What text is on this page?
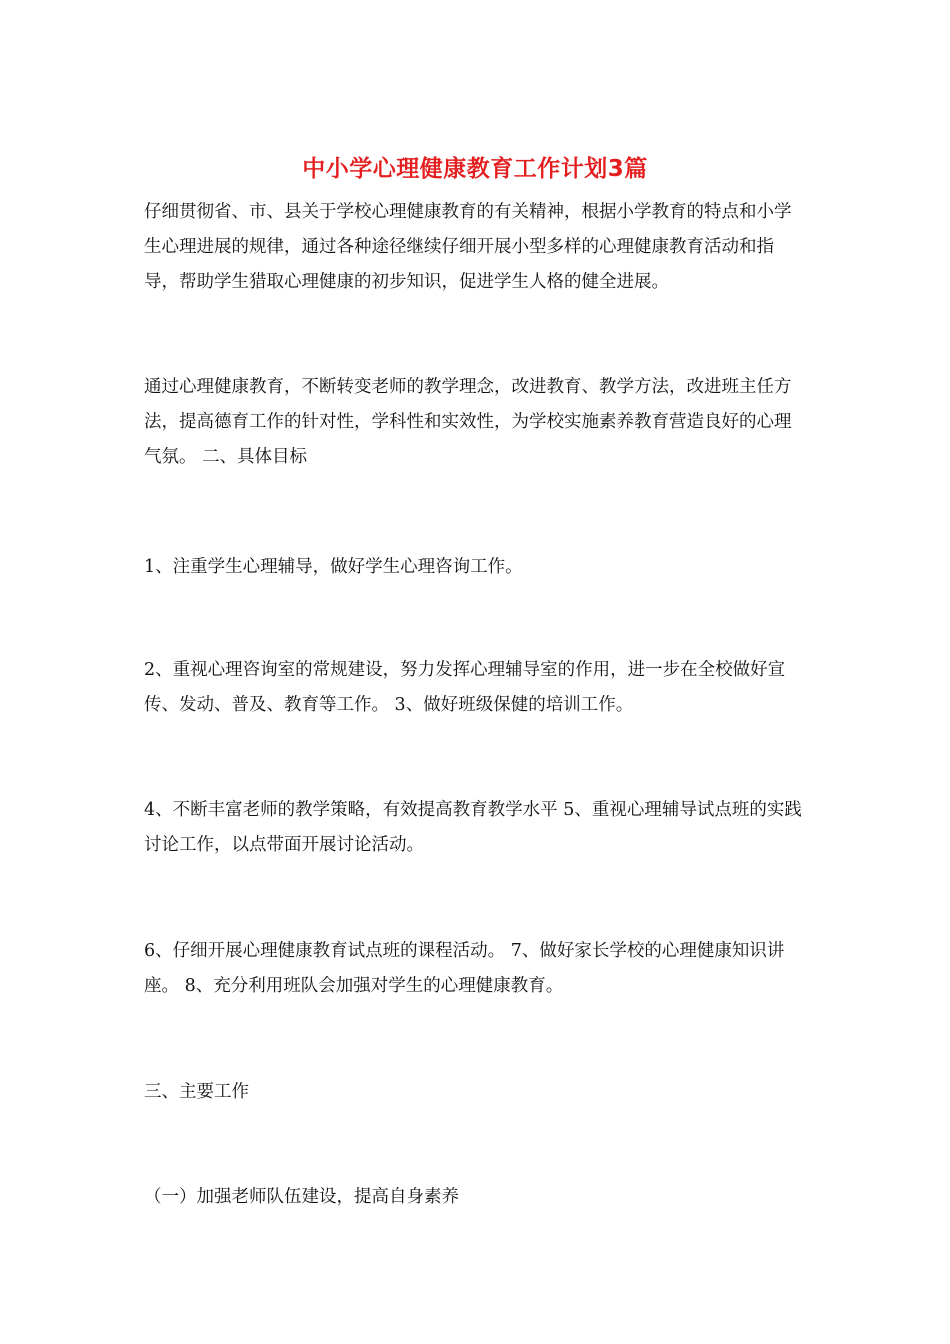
中小学心理健康教育工作计划3篇

仔细贯彻省、市、县关于学校心理健康教育的有关精神，根据小学教育的特点和小学生心理进展的规律，通过各种途径继续仔细开展小型多样的心理健康教育活动和指导，帮助学生猎取心理健康的初步知识，促进学生人格的健全进展。

通过心理健康教育，不断转变老师的教学理念，改进教育、教学方法，改进班主任方法，提高德育工作的针对性，学科性和实效性，为学校实施素养教育营造良好的心理气氛。 二、具体目标

1、注重学生心理辅导，做好学生心理咨询工作。

2、重视心理咨询室的常规建设，努力发挥心理辅导室的作用，进一步在全校做好宣传、发动、普及、教育等工作。 3、做好班级保健的培训工作。

4、不断丰富老师的教学策略，有效提高教育教学水平 5、重视心理辅导试点班的实践讨论工作，以点带面开展讨论活动。

6、仔细开展心理健康教育试点班的课程活动。 7、做好家长学校的心理健康知识讲座。 8、充分利用班队会加强对学生的心理健康教育。

三、主要工作

（一）加强老师队伍建设，提高自身素养
